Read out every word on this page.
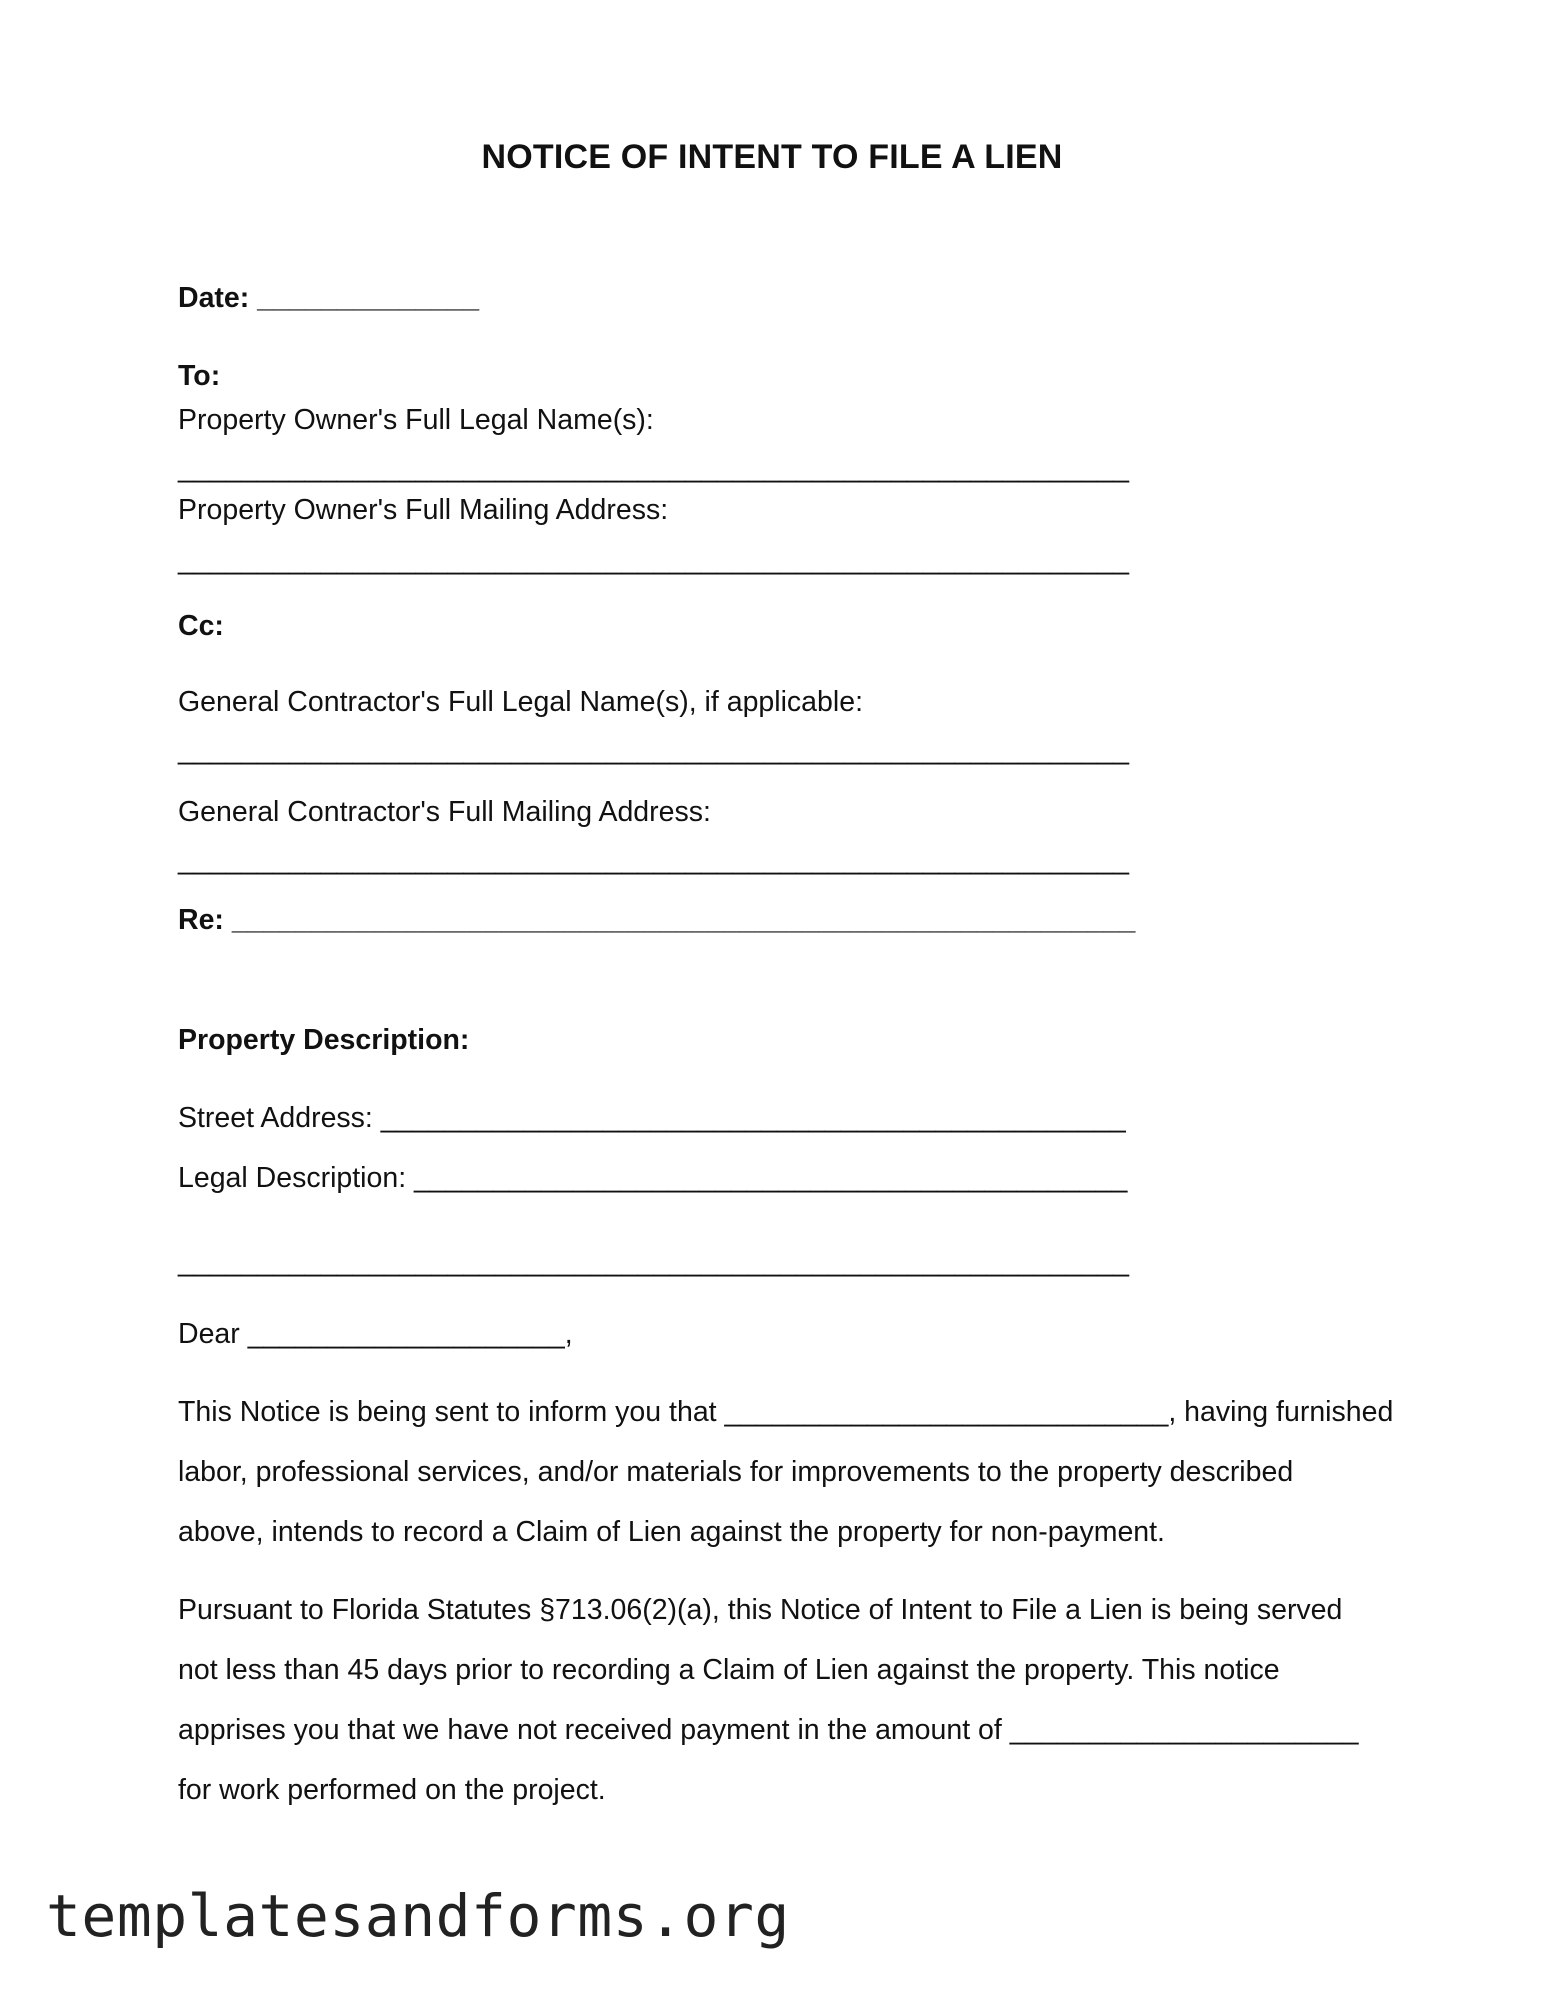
NOTICE OF INTENT TO FILE A LIEN
Date: ______________
To:
Property Owner's Full Legal Name(s):
____________________________________________________________
Property Owner's Full Mailing Address:
____________________________________________________________
Cc:
General Contractor's Full Legal Name(s), if applicable:
____________________________________________________________
General Contractor's Full Mailing Address:
____________________________________________________________
Re: _________________________________________________________
Property Description:
Street Address: _______________________________________________
Legal Description: _____________________________________________
____________________________________________________________
Dear ____________________,
This Notice is being sent to inform you that ____________________________, having furnished
labor, professional services, and/or materials for improvements to the property described
above, intends to record a Claim of Lien against the property for non-payment.
Pursuant to Florida Statutes §713.06(2)(a), this Notice of Intent to File a Lien is being served
not less than 45 days prior to recording a Claim of Lien against the property. This notice
apprises you that we have not received payment in the amount of ______________________
for work performed on the project.
templatesandforms.org
